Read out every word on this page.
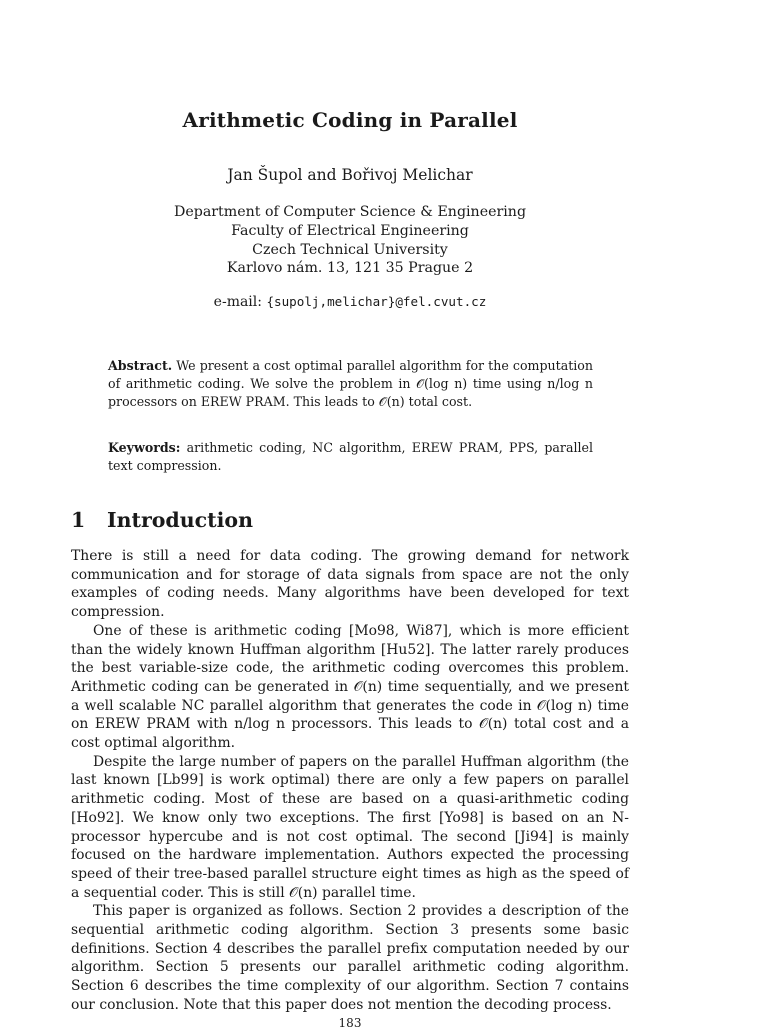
Arithmetic Coding in Parallel
Jan Šupol and Bořivoj Melichar
Department of Computer Science & Engineering
Faculty of Electrical Engineering
Czech Technical University
Karlovo nám. 13, 121 35 Prague 2
e-mail: {supolj,melichar}@fel.cvut.cz
Abstract. We present a cost optimal parallel algorithm for the computation of arithmetic coding. We solve the problem in 𝒪(log n) time using n/log n processors on EREW PRAM. This leads to 𝒪(n) total cost.
Keywords: arithmetic coding, NC algorithm, EREW PRAM, PPS, parallel text compression.
1 Introduction

There is still a need for data coding. The growing demand for network communication and for storage of data signals from space are not the only examples of coding needs. Many algorithms have been developed for text compression.

One of these is arithmetic coding [Mo98, Wi87], which is more efficient than the widely known Huffman algorithm [Hu52]. The latter rarely produces the best variable-size code, the arithmetic coding overcomes this problem. Arithmetic coding can be generated in 𝒪(n) time sequentially, and we present a well scalable NC parallel algorithm that generates the code in 𝒪(log n) time on EREW PRAM with n/log n processors. This leads to 𝒪(n) total cost and a cost optimal algorithm.

Despite the large number of papers on the parallel Huffman algorithm (the last known [Lb99] is work optimal) there are only a few papers on parallel arithmetic coding. Most of these are based on a quasi-arithmetic coding [Ho92]. We know only two exceptions. The first [Yo98] is based on an N-processor hypercube and is not cost optimal. The second [Ji94] is mainly focused on the hardware implementation. Authors expected the processing speed of their tree-based parallel structure eight times as high as the speed of a sequential coder. This is still 𝒪(n) parallel time.

This paper is organized as follows. Section 2 provides a description of the sequential arithmetic coding algorithm. Section 3 presents some basic definitions. Section 4 describes the parallel prefix computation needed by our algorithm. Section 5 presents our parallel arithmetic coding algorithm. Section 6 describes the time complexity of our algorithm. Section 7 contains our conclusion. Note that this paper does not mention the decoding process.

183
